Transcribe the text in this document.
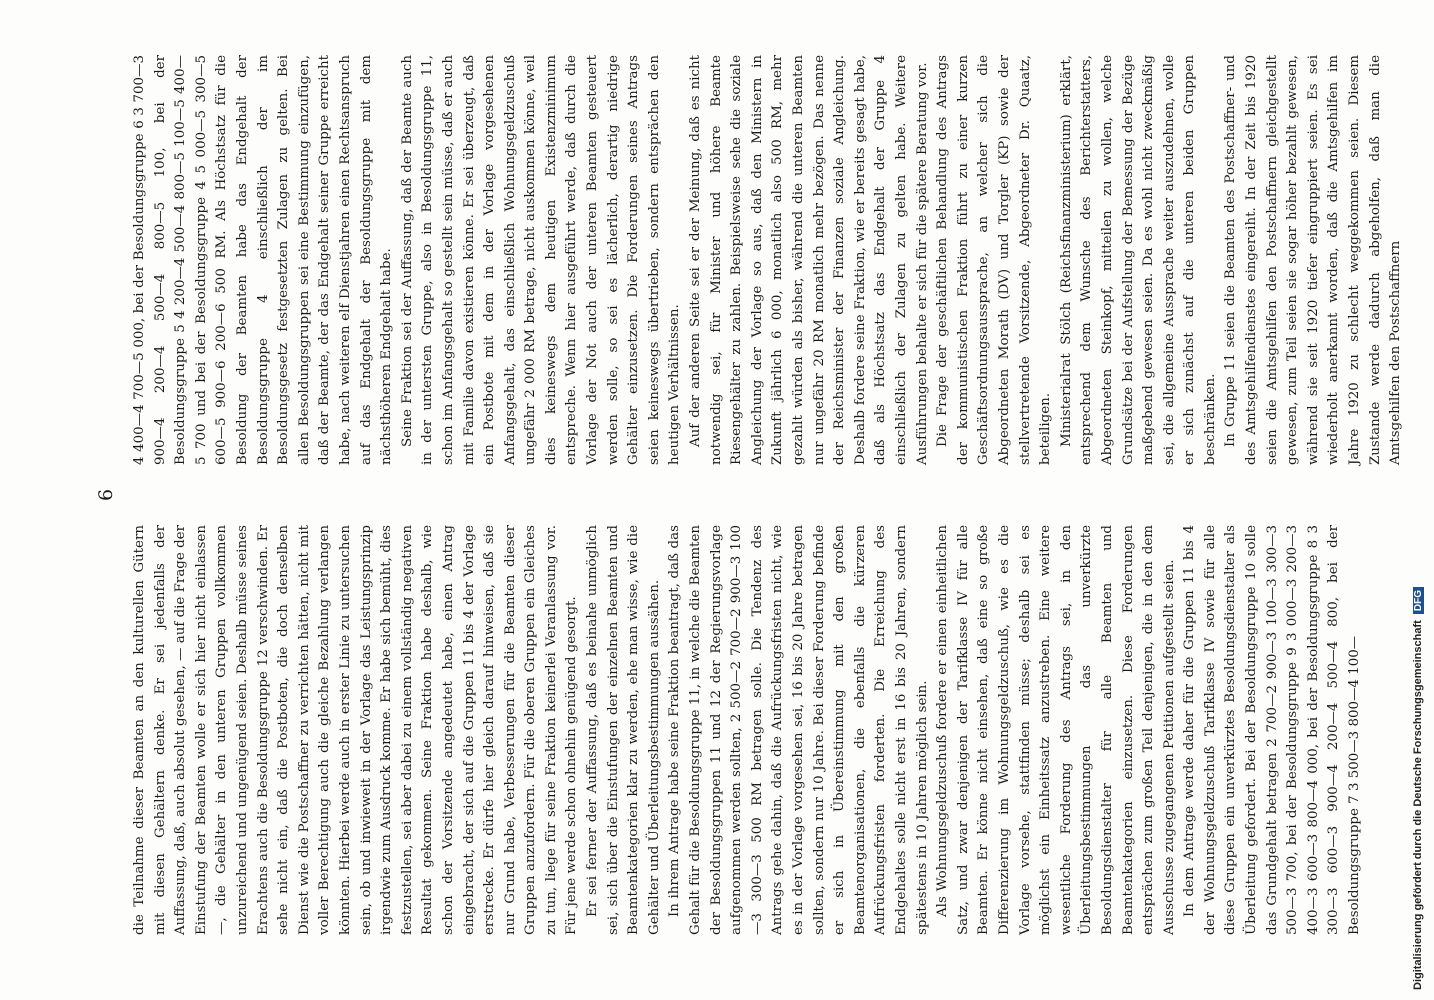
6

die Teilnahme dieser Beamten an den kulturellen Gütern mit diesen Gehältern denke. Er sei jedenfalls der Auffassung, daß, auch absolut gesehen, — auf die Frage der Einstufung der Beamten wolle er sich hier nicht einlassen —, die Gehälter in den unteren Gruppen vollkommen unzureichend und ungenügend seien. Deshalb müsse seines Erachtens auch die Besoldungsgruppe 12 verschwinden. Er sehe nicht ein, daß die Postboten, die doch denselben Dienst wie die Postschaffner zu verrichten hätten, nicht mit voller Berechtigung auch die gleiche Bezahlung verlangen könnten. Hierbei werde auch in erster Linie zu untersuchen sein, ob und inwieweit in der Vorlage das Leistungsprinzip irgendwie zum Ausdruck komme. Er habe sich bemüht, dies festzustellen, sei aber dabei zu einem vollständig negativen Resultat gekommen. Seine Fraktion habe deshalb, wie schon der Vorsitzende angedeutet habe, einen Antrag eingebracht, der sich auf die Gruppen 11 bis 4 der Vorlage erstrecke. Er dürfe hier gleich darauf hinweisen, daß sie nur Grund habe, Verbesserungen für die Beamten dieser Gruppen anzufordern. Für die oberen Gruppen ein Gleiches zu tun, liege für seine Fraktion keinerlei Veranlassung vor. Für jene werde schon ohnehin genügend gesorgt. Er sei ferner der Auffassung, daß es beinahe unmöglich sei, sich über die Einstufungen der einzelnen Beamten und Beamtenkategorien klar zu werden, ehe man wisse, wie die Gehälter und Überleitungsbestimmungen aussähen. In ihrem Antrage habe seine Fraktion beantragt, daß das Gehalt für die Besoldungsgruppe 11, in welche die Beamten der Besoldungsgruppen 11 und 12 der Regierungsvorlage aufgenommen werden sollten, 2 500—2 700—2 900—3 100—3 300—3 500 RM betragen solle. Die Tendenz des Antrags gehe dahin, daß die Aufrückungsfristen nicht, wie es in der Vorlage vorgesehen sei, 16 bis 20 Jahre betragen sollten, sondern nur 10 Jahre. Bei dieser Forderung befinde er sich in Übereinstimmung mit den großen Beamtenorganisationen, die ebenfalls die kürzeren Aufrückungsfristen forderten. Die Erreichung des Endgehaltes solle nicht erst in 16 bis 20 Jahren, sondern spätestens in 10 Jahren möglich sein. Als Wohnungsgeldzuschuß fordere er einen einheitlichen Satz, und zwar denjenigen der Tarifklasse IV für alle Beamten. Er könne nicht einsehen, daß eine so große Differenzierung im Wohnungsgeldzuschuß, wie es die Vorlage vorsehe, stattfinden müsse; deshalb sei es möglichst ein Einheitssatz anzustreben. Eine weitere wesentliche Forderung des Antrags sei, in den Überleitungsbestimmungen das unverkürzte Besoldungsdienstalter für alle Beamten und Beamtenkategorien einzusetzen. Diese Forderungen entsprächen zum großen Teil denjenigen, die in den dem Ausschusse zugegangenen Petitionen aufgestellt seien. In dem Antrage werde daher für die Gruppen 11 bis 4 der Wohnungsgeldzuschuß Tarifklasse IV sowie für alle diese Gruppen ein unverkürztes Besoldungsdienstalter als Überleitung gefordert. Bei der Besoldungsgruppe 10 solle das Grundgehalt betragen 2 700—2 900—3 100—3 300—3 500—3 700, bei der Besoldungsgruppe 9 3 000—3 200—3 400—3 600—3 800—4 000, bei der Besoldungsgruppe 8 3 300—3 600—3 900—4 200—4 500—4 800, bei der Besoldungsgruppe 7 3 500—3 800—4 100—

4 400—4 700—5 000, bei der Besoldungsgruppe 6 3 700—3 900—4 200—4 500—4 800—5 100, bei der Besoldungsgruppe 5 4 200—4 500—4 800—5 100—5 400—5 700 und bei der Besoldungsgruppe 4 5 000—5 300—5 600—5 900—6 200—6 500 RM. Als Höchstsatz für die Besoldung der Beamten habe das Endgehalt der Besoldungsgruppe 4 einschließlich der im Besoldungsgesetz festgesetzten Zulagen zu gelten. Bei allen Besoldungsgruppen sei eine Bestimmung einzufügen, daß der Beamte, der das Endgehalt seiner Gruppe erreicht habe, nach weiteren elf Dienstjahren einen Rechtsanspruch auf das Endgehalt der Besoldungsgruppe mit dem nächsthöheren Endgehalt habe. Seine Fraktion sei der Auffassung, daß der Beamte auch in der untersten Gruppe, also in Besoldungsgruppe 11, schon im Anfangsgehalt so gestellt sein müsse, daß er auch mit Familie davon existieren könne. Er sei überzeugt, daß ein Postbote mit dem in der Vorlage vorgesehenen Anfangsgehalt, das einschließlich Wohnungsgeldzuschuß ungefähr 2 000 RM betrage, nicht auskommen könne, weil dies keineswegs dem heutigen Existenzminimum entspreche. Wenn hier ausgeführt werde, daß durch die Vorlage der Not auch der unteren Beamten gesteuert werden solle, so sei es lächerlich, derartig niedrige Gehälter einzusetzen. Die Forderungen seines Antrags seien keineswegs übertrieben, sondern entsprächen den heutigen Verhältnissen. Auf der anderen Seite sei er der Meinung, daß es nicht notwendig sei, für Minister und höhere Beamte Riesengehälter zu zahlen. Beispielsweise sehe die soziale Angleichung der Vorlage so aus, daß den Ministern in Zukunft jährlich 6 000, monatlich also 500 RM, mehr gezahlt würden als bisher, während die unteren Beamten nur ungefähr 20 RM monatlich mehr bezögen. Das nenne der Reichsminister der Finanzen soziale Angleichung. Deshalb fordere seine Fraktion, wie er bereits gesagt habe, daß als Höchstsatz das Endgehalt der Gruppe 4 einschließlich der Zulagen zu gelten habe. Weitere Ausführungen behalte er sich für die spätere Beratung vor. Die Frage der geschäftlichen Behandlung des Antrags der kommunistischen Fraktion führt zu einer kurzen Geschäftsordnungsaussprache, an welcher sich die Abgeordneten Morath (DV) und Torgler (KP) sowie der stellvertretende Vorsitzende, Abgeordneter Dr. Quaatz, beteiligen. Ministerialrat Stölch (Reichsfinanzministerium) erklärt, entsprechend dem Wunsche des Berichterstatters, Abgeordneten Steinkopf, mitteilen zu wollen, welche Grundsätze bei der Aufstellung der Bemessung der Bezüge maßgebend gewesen seien. Da es wohl nicht zweckmäßig sei, die allgemeine Aussprache weiter auszudehnen, wolle er sich zunächst auf die unteren beiden Gruppen beschränken. In Gruppe 11 seien die Beamten des Postschaffner- und des Amtsgehilfendienstes eingereiht. In der Zeit bis 1920 seien die Amtsgehilfen den Postschaffnern gleichgestellt gewesen, zum Teil seien sie sogar höher bezahlt gewesen, während sie seit 1920 tiefer eingruppiert seien. Es sei wiederholt anerkannt worden, daß die Amtsgehilfen im Jahre 1920 zu schlecht weggekommen seien. Diesem Zustande werde dadurch abgeholfen, daß man die Amtsgehilfen den Postschaffnern

Digitalisierung gefördert durch die Deutsche Forschungsgemeinschaft DFG
